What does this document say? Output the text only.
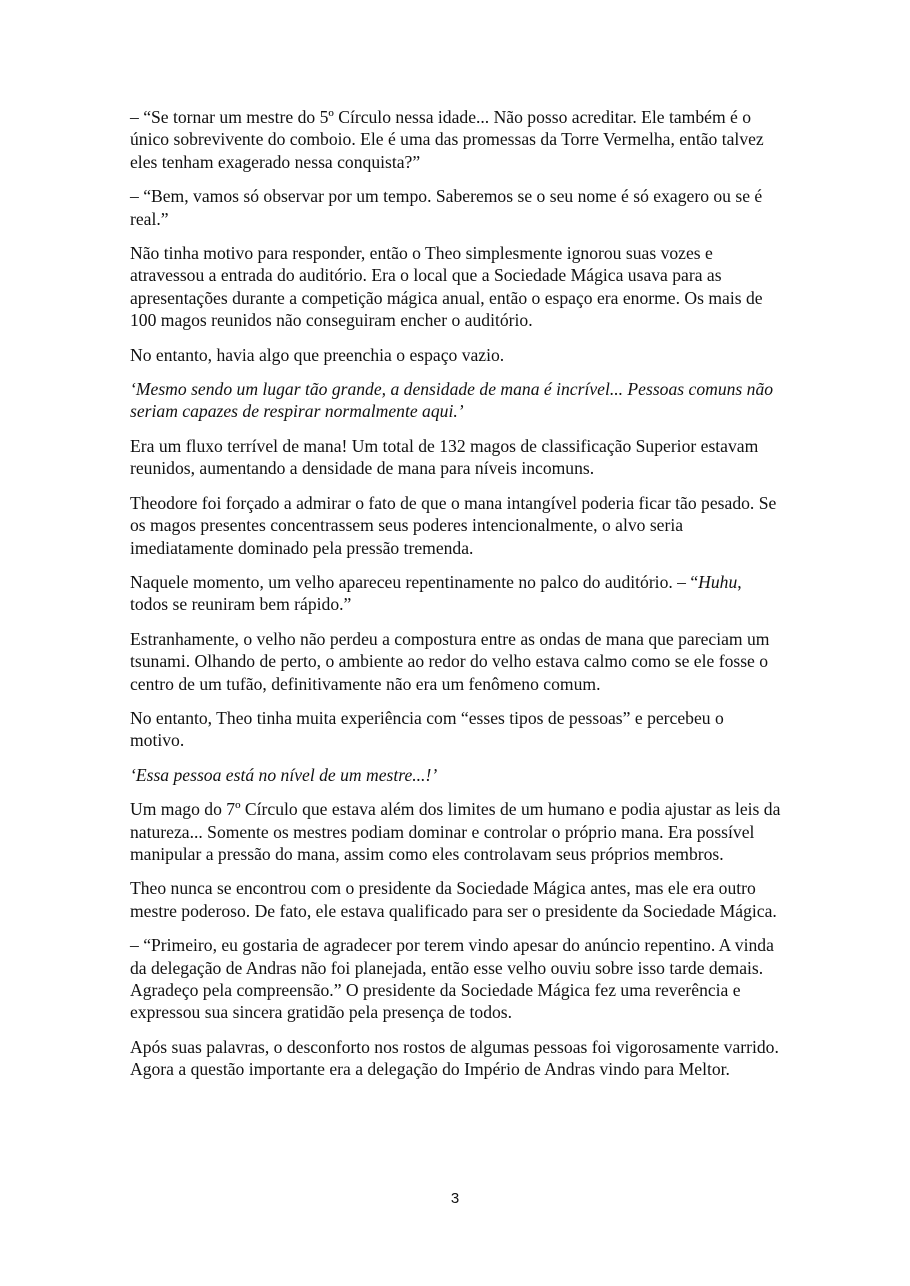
– “Se tornar um mestre do 5º Círculo nessa idade... Não posso acreditar. Ele também é o único sobrevivente do comboio. Ele é uma das promessas da Torre Vermelha, então talvez eles tenham exagerado nessa conquista?”

– “Bem, vamos só observar por um tempo. Saberemos se o seu nome é só exagero ou se é real.”

Não tinha motivo para responder, então o Theo simplesmente ignorou suas vozes e atravessou a entrada do auditório. Era o local que a Sociedade Mágica usava para as apresentações durante a competição mágica anual, então o espaço era enorme. Os mais de 100 magos reunidos não conseguiram encher o auditório.

No entanto, havia algo que preenchia o espaço vazio.

‘Mesmo sendo um lugar tão grande, a densidade de mana é incrível... Pessoas comuns não seriam capazes de respirar normalmente aqui.’

Era um fluxo terrível de mana! Um total de 132 magos de classificação Superior estavam reunidos, aumentando a densidade de mana para níveis incomuns.

Theodore foi forçado a admirar o fato de que o mana intangível poderia ficar tão pesado. Se os magos presentes concentrassem seus poderes intencionalmente, o alvo seria imediatamente dominado pela pressão tremenda.

Naquele momento, um velho apareceu repentinamente no palco do auditório. – “Huhu, todos se reuniram bem rápido.”

Estranhamente, o velho não perdeu a compostura entre as ondas de mana que pareciam um tsunami. Olhando de perto, o ambiente ao redor do velho estava calmo como se ele fosse o centro de um tufão, definitivamente não era um fenômeno comum.

No entanto, Theo tinha muita experiência com “esses tipos de pessoas” e percebeu o motivo.

‘Essa pessoa está no nível de um mestre...!’

Um mago do 7º Círculo que estava além dos limites de um humano e podia ajustar as leis da natureza... Somente os mestres podiam dominar e controlar o próprio mana. Era possível manipular a pressão do mana, assim como eles controlavam seus próprios membros.

Theo nunca se encontrou com o presidente da Sociedade Mágica antes, mas ele era outro mestre poderoso. De fato, ele estava qualificado para ser o presidente da Sociedade Mágica.

– “Primeiro, eu gostaria de agradecer por terem vindo apesar do anúncio repentino. A vinda da delegação de Andras não foi planejada, então esse velho ouviu sobre isso tarde demais. Agradeço pela compreensão.” O presidente da Sociedade Mágica fez uma reverência e expressou sua sincera gratidão pela presença de todos.

Após suas palavras, o desconforto nos rostos de algumas pessoas foi vigorosamente varrido. Agora a questão importante era a delegação do Império de Andras vindo para Meltor.

3
